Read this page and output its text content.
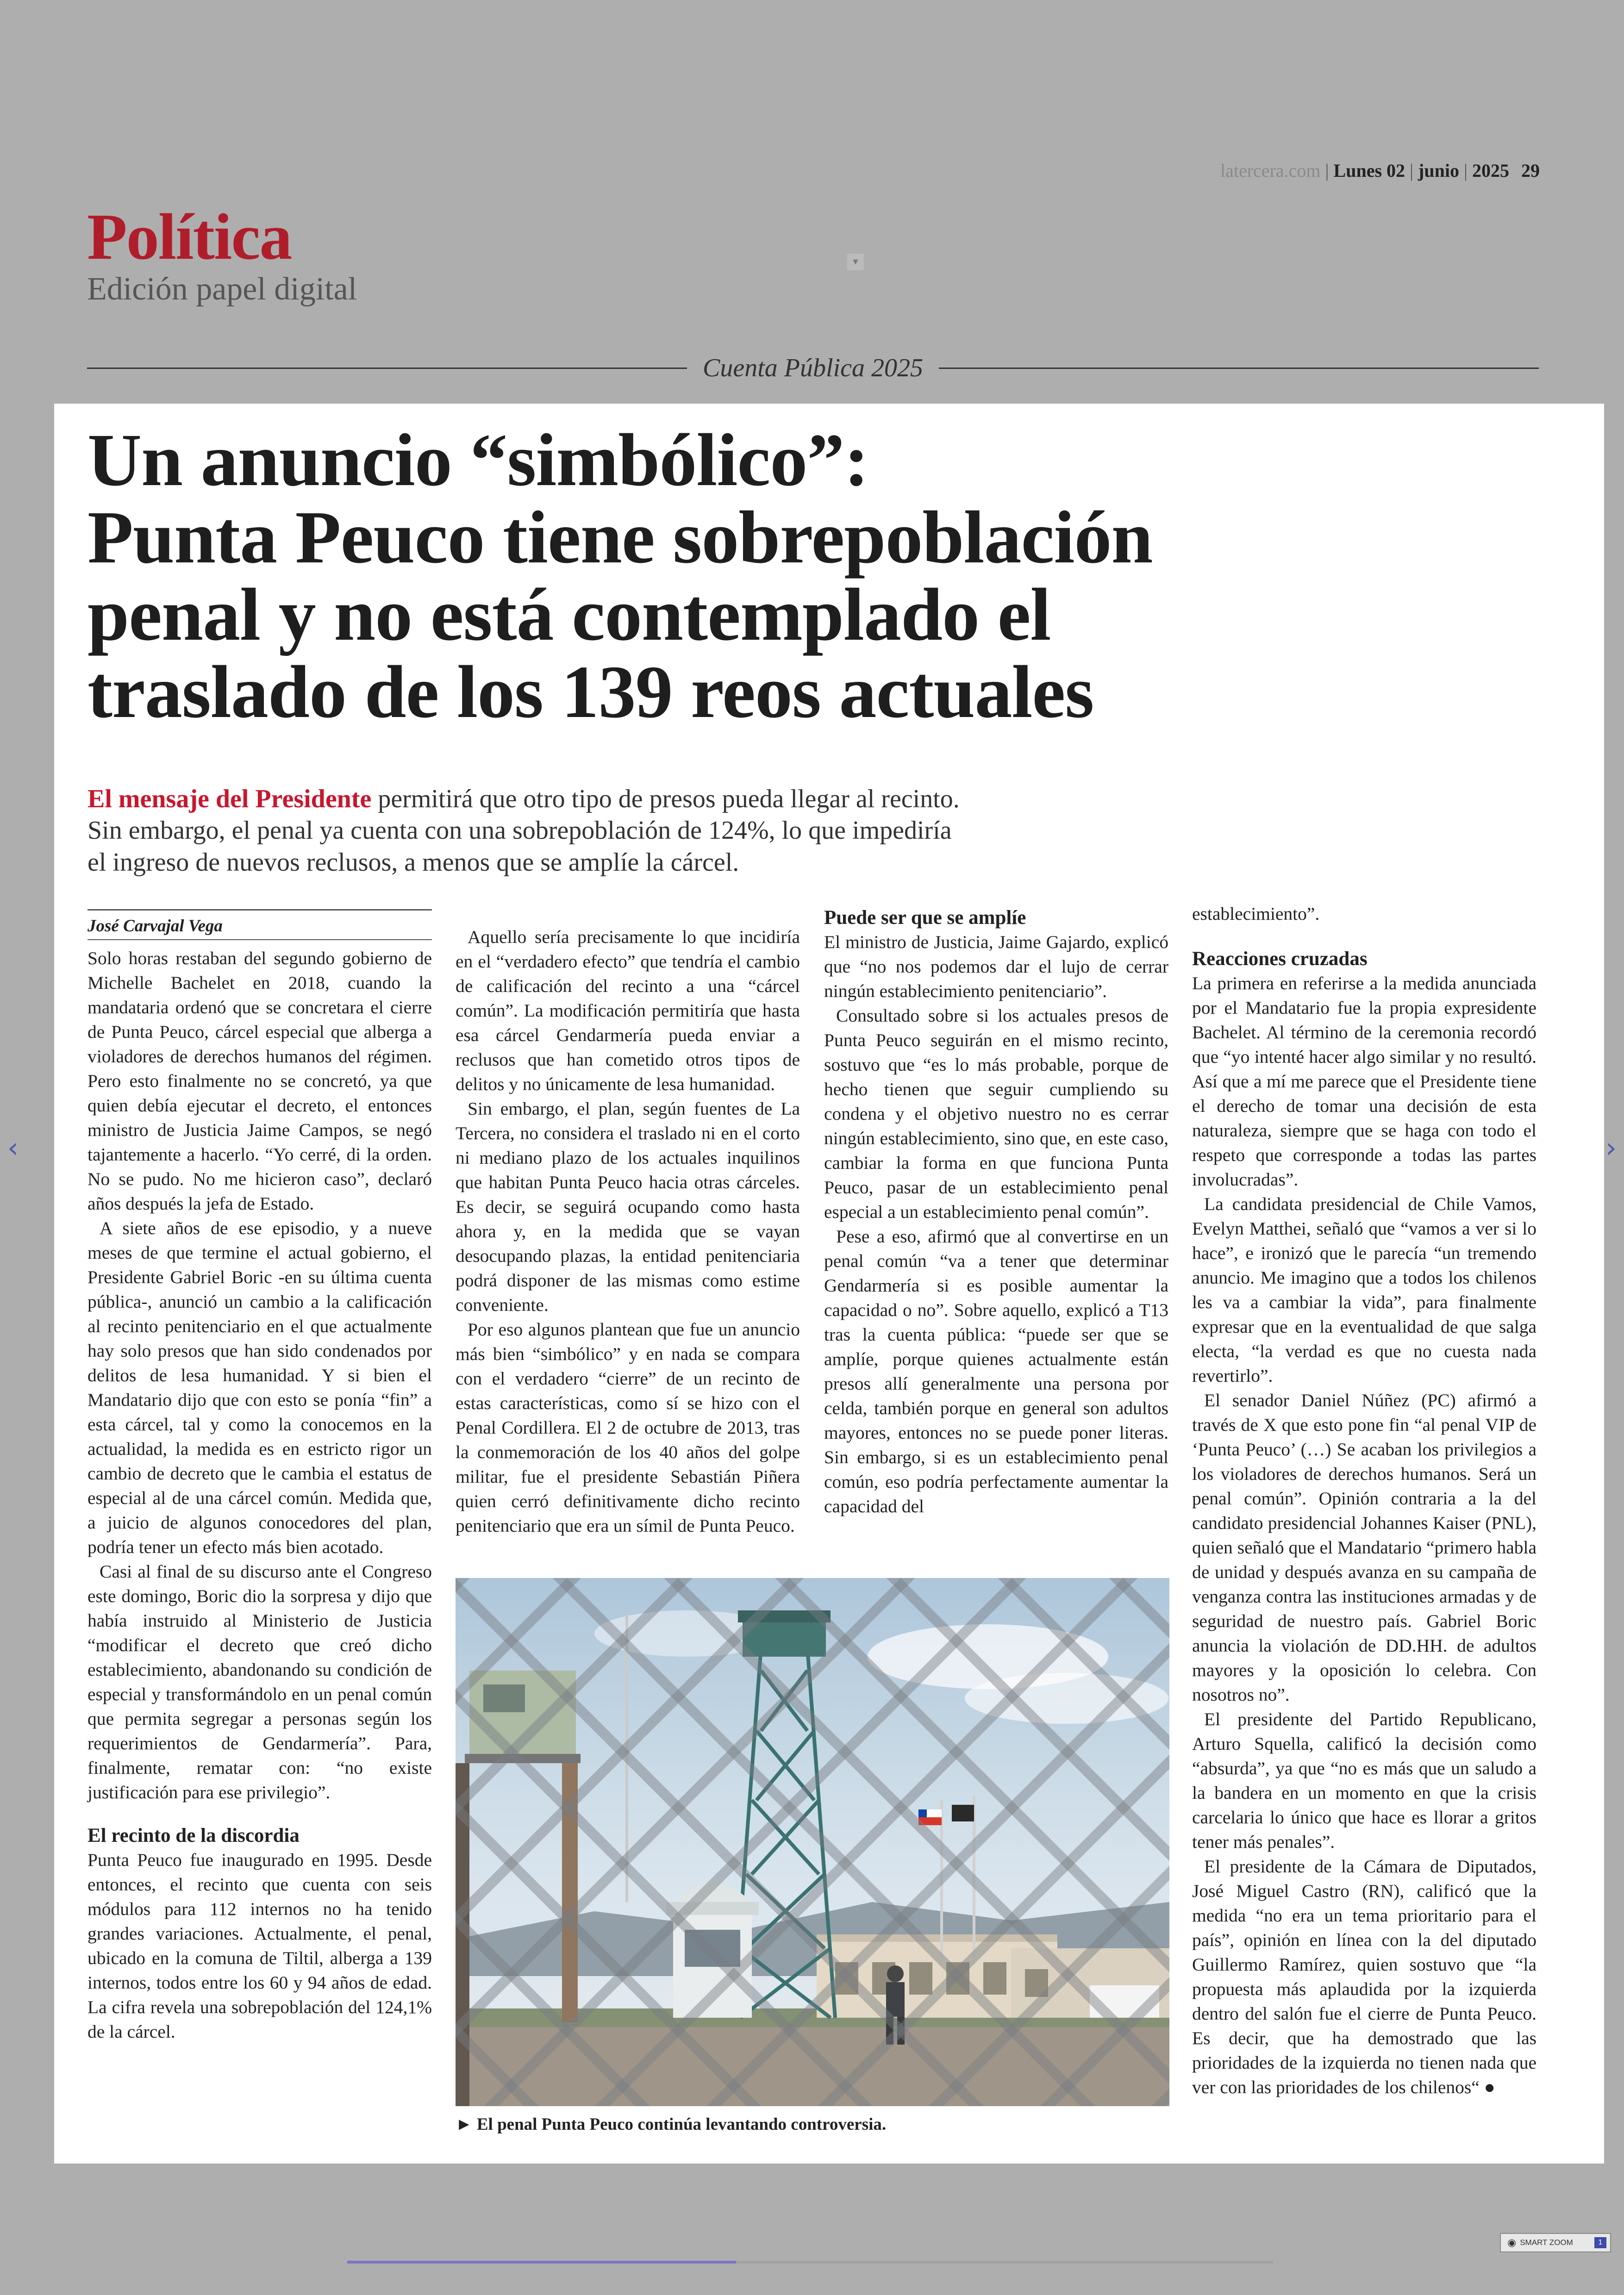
latercera.com | Lunes 02 | junio | 2025 29
Política
Edición papel digital
▾
Cuenta Pública 2025
Un anuncio “simbólico”:
Punta Peuco tiene sobrepoblación
penal y no está contemplado el
traslado de los 139 reos actuales
El mensaje del Presidente permitirá que otro tipo de presos pueda llegar al recinto.
Sin embargo, el penal ya cuenta con una sobrepoblación de 124%, lo que impediría
el ingreso de nuevos reclusos, a menos que se amplíe la cárcel.
José Carvajal Vega

Solo horas restaban del segundo gobierno de Michelle Bachelet en 2018, cuando la mandataria ordenó que se concretara el cierre de Punta Peuco, cárcel especial que alberga a violadores de derechos humanos del régimen. Pero esto finalmente no se concretó, ya que quien debía ejecutar el decreto, el entonces ministro de Justicia Jaime Campos, se negó tajantemente a hacerlo. “Yo cerré, di la orden. No se pudo. No me hicieron caso”, declaró años después la jefa de Estado.

A siete años de ese episodio, y a nueve meses de que termine el actual gobierno, el Presidente Gabriel Boric -en su última cuenta pública-, anunció un cambio a la calificación al recinto penitenciario en el que actualmente hay solo presos que han sido condenados por delitos de lesa humanidad. Y si bien el Mandatario dijo que con esto se ponía “fin” a esta cárcel, tal y como la conocemos en la actualidad, la medida es en estricto rigor un cambio de decreto que le cambia el estatus de especial al de una cárcel común. Medida que, a juicio de algunos conocedores del plan, podría tener un efecto más bien acotado.

Casi al final de su discurso ante el Congreso este domingo, Boric dio la sorpresa y dijo que había instruido al Ministerio de Justicia “modificar el decreto que creó dicho establecimiento, abandonando su condición de especial y transformándolo en un penal común que permita segregar a personas según los requerimientos de Gendarmería”. Para, finalmente, rematar con: “no existe justificación para ese privilegio”.

El recinto de la discordia

Punta Peuco fue inaugurado en 1995. Desde entonces, el recinto que cuenta con seis módulos para 112 internos no ha tenido grandes variaciones. Actualmente, el penal, ubicado en la comuna de Tiltil, alberga a 139 internos, todos entre los 60 y 94 años de edad. La cifra revela una sobrepoblación del 124,1% de la cárcel.

Aquello sería precisamente lo que incidiría en el “verdadero efecto” que tendría el cambio de calificación del recinto a una “cárcel común”. La modificación permitiría que hasta esa cárcel Gendarmería pueda enviar a reclusos que han cometido otros tipos de delitos y no únicamente de lesa humanidad.

Sin embargo, el plan, según fuentes de La Tercera, no considera el traslado ni en el corto ni mediano plazo de los actuales inquilinos que habitan Punta Peuco hacia otras cárceles. Es decir, se seguirá ocupando como hasta ahora y, en la medida que se vayan desocupando plazas, la entidad penitenciaria podrá disponer de las mismas como estime conveniente.

Por eso algunos plantean que fue un anuncio más bien “simbólico” y en nada se compara con el verdadero “cierre” de un recinto de estas características, como sí se hizo con el Penal Cordillera. El 2 de octubre de 2013, tras la conmemoración de los 40 años del golpe militar, fue el presidente Sebastián Piñera quien cerró definitivamente dicho recinto penitenciario que era un símil de Punta Peuco.

Puede ser que se amplíe

El ministro de Justicia, Jaime Gajardo, explicó que “no nos podemos dar el lujo de cerrar ningún establecimiento penitenciario”.

Consultado sobre si los actuales presos de Punta Peuco seguirán en el mismo recinto, sostuvo que “es lo más probable, porque de hecho tienen que seguir cumpliendo su condena y el objetivo nuestro no es cerrar ningún establecimiento, sino que, en este caso, cambiar la forma en que funciona Punta Peuco, pasar de un establecimiento penal especial a un establecimiento penal común”.

Pese a eso, afirmó que al convertirse en un penal común “va a tener que determinar Gendarmería si es posible aumentar la capacidad o no”. Sobre aquello, explicó a T13 tras la cuenta pública: “puede ser que se amplíe, porque quienes actualmente están presos allí generalmente una persona por celda, también porque en general son adultos mayores, entonces no se puede poner literas. Sin embargo, si es un establecimiento penal común, eso podría perfectamente aumentar la capacidad del

establecimiento”.

Reacciones cruzadas

La primera en referirse a la medida anunciada por el Mandatario fue la propia expresidente Bachelet. Al término de la ceremonia recordó que “yo intenté hacer algo similar y no resultó. Así que a mí me parece que el Presidente tiene el derecho de tomar una decisión de esta naturaleza, siempre que se haga con todo el respeto que corresponde a todas las partes involucradas”.

La candidata presidencial de Chile Vamos, Evelyn Matthei, señaló que “vamos a ver si lo hace”, e ironizó que le parecía “un tremendo anuncio. Me imagino que a todos los chilenos les va a cambiar la vida”, para finalmente expresar que en la eventualidad de que salga electa, “la verdad es que no cuesta nada revertirlo”.

El senador Daniel Núñez (PC) afirmó a través de X que esto pone fin “al penal VIP de ‘Punta Peuco’ (…) Se acaban los privilegios a los violadores de derechos humanos. Será un penal común”. Opinión contraria a la del candidato presidencial Johannes Kaiser (PNL), quien señaló que el Mandatario “primero habla de unidad y después avanza en su campaña de venganza contra las instituciones armadas y de seguridad de nuestro país. Gabriel Boric anuncia la violación de DD.HH. de adultos mayores y la oposición lo celebra. Con nosotros no”.

El presidente del Partido Republicano, Arturo Squella, calificó la decisión como “absurda”, ya que “no es más que un saludo a la bandera en un momento en que la crisis carcelaria lo único que hace es llorar a gritos tener más penales”.

El presidente de la Cámara de Diputados, José Miguel Castro (RN), calificó que la medida “no era un tema prioritario para el país”, opinión en línea con la del diputado Guillermo Ramírez, quien sostuvo que “la propuesta más aplaudida por la izquierda dentro del salón fue el cierre de Punta Peuco. Es decir, que ha demostrado que las prioridades de la izquierda no tienen nada que ver con las prioridades de los chilenos“ ●

► El penal Punta Peuco continúa levantando controversia.
‹	›
◉ SMART ZOOM	1
